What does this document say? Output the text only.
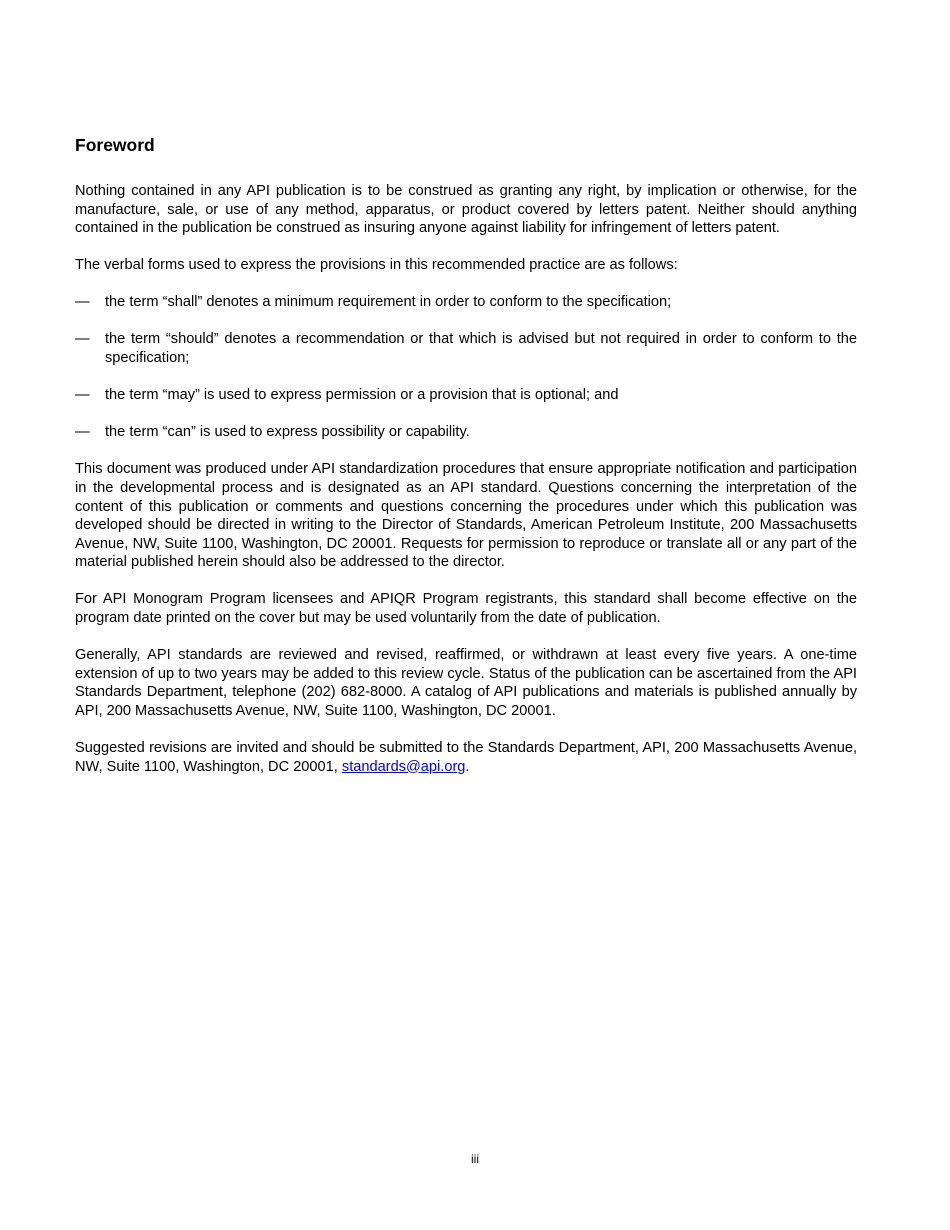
Foreword

Nothing contained in any API publication is to be construed as granting any right, by implication or otherwise, for the manufacture, sale, or use of any method, apparatus, or product covered by letters patent. Neither should anything contained in the publication be construed as insuring anyone against liability for infringement of letters patent.

The verbal forms used to express the provisions in this recommended practice are as follows:

—	the term “shall” denotes a minimum requirement in order to conform to the specification;
—	the term “should” denotes a recommendation or that which is advised but not required in order to conform to the specification;
—	the term “may” is used to express permission or a provision that is optional; and
—	the term “can” is used to express possibility or capability.

This document was produced under API standardization procedures that ensure appropriate notification and participation in the developmental process and is designated as an API standard. Questions concerning the interpretation of the content of this publication or comments and questions concerning the procedures under which this publication was developed should be directed in writing to the Director of Standards, American Petroleum Institute, 200 Massachusetts Avenue, NW, Suite 1100, Washington, DC 20001. Requests for permission to reproduce or translate all or any part of the material published herein should also be addressed to the director.

For API Monogram Program licensees and APIQR Program registrants, this standard shall become effective on the program date printed on the cover but may be used voluntarily from the date of publication.

Generally, API standards are reviewed and revised, reaffirmed, or withdrawn at least every five years. A one-time extension of up to two years may be added to this review cycle. Status of the publication can be ascertained from the API Standards Department, telephone (202) 682-8000. A catalog of API publications and materials is published annually by API, 200 Massachusetts Avenue, NW, Suite 1100, Washington, DC 20001.

Suggested revisions are invited and should be submitted to the Standards Department, API, 200 Massachusetts Avenue, NW, Suite 1100, Washington, DC 20001, standards@api.org.

iii
